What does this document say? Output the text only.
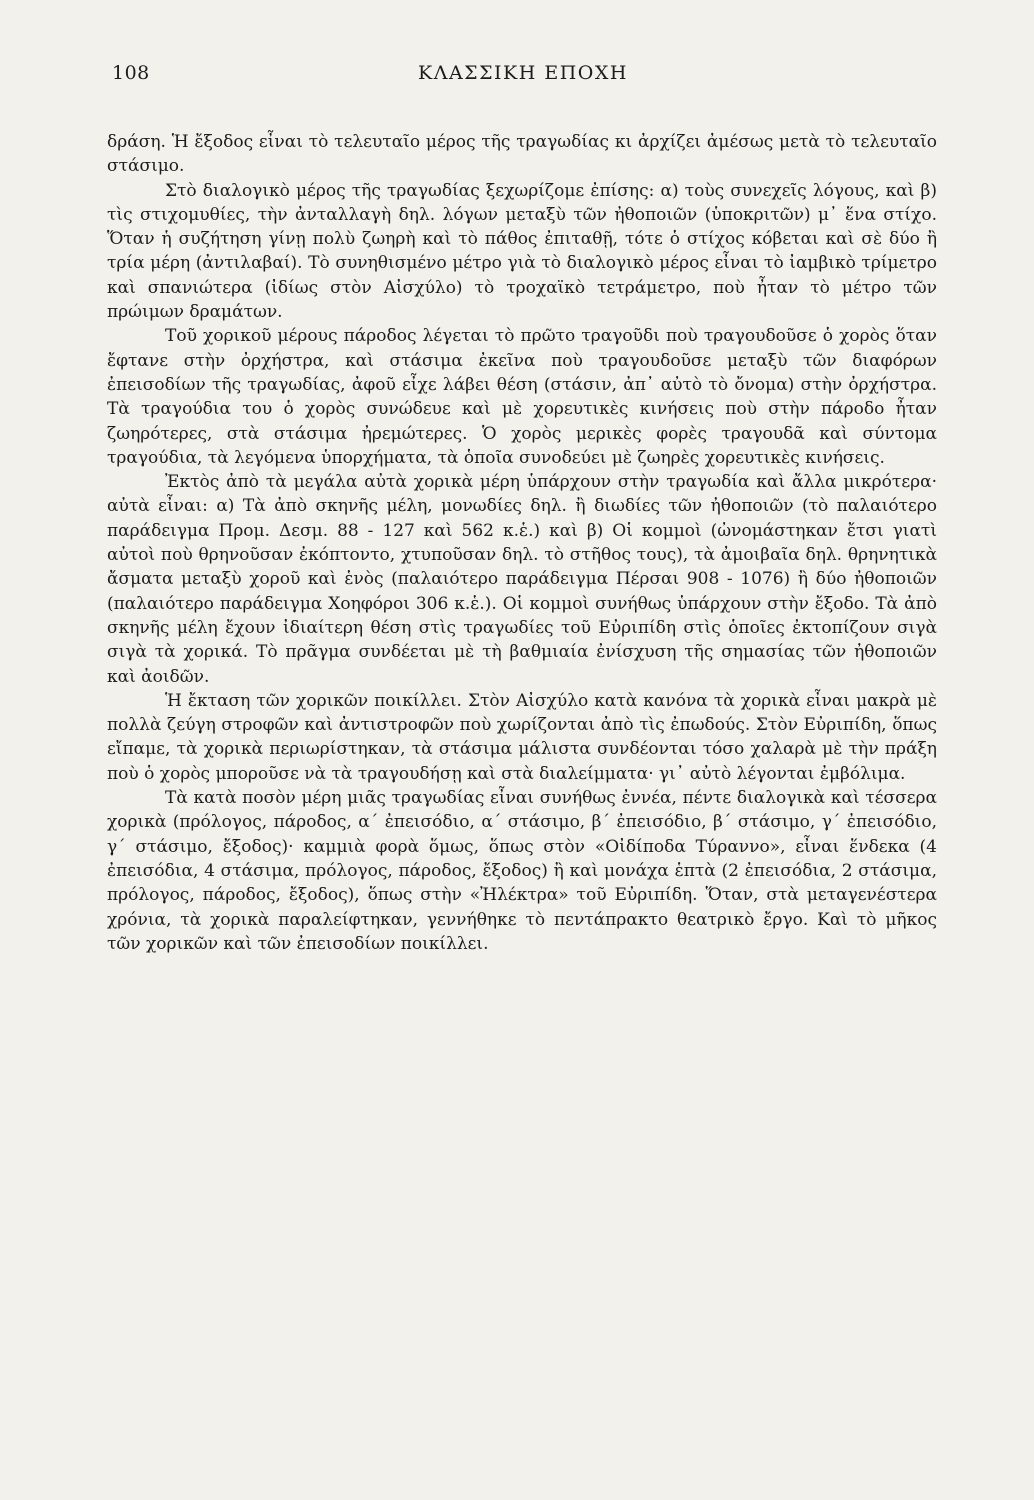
108	ΚΛΑΣΣΙΚΗ ΕΠΟΧΗ

δράση. Ἡ ἔξοδος εἶναι τὸ τελευταῖο μέρος τῆς τραγωδίας κι ἀρχίζει ἀμέσως μετὰ τὸ τελευταῖο στάσιμο.

Στὸ διαλογικὸ μέρος τῆς τραγωδίας ξεχωρίζομε ἐπίσης: α) τοὺς συνεχεῖς λόγους, καὶ β) τὶς στιχομυθίες, τὴν ἀνταλλαγὴ δηλ. λόγων μεταξὺ τῶν ἠθοποιῶν (ὑποκριτῶν) μ᾽ ἕνα στίχο. Ὅταν ἡ συζήτηση γίνῃ πολὺ ζωηρὴ καὶ τὸ πάθος ἐπιταθῇ, τότε ὁ στίχος κόβεται καὶ σὲ δύο ἢ τρία μέρη (ἀντιλαβαί). Τὸ συνηθισμένο μέτρο γιὰ τὸ διαλογικὸ μέρος εἶναι τὸ ἰαμβικὸ τρίμετρο καὶ σπανιώτερα (ἰδίως στὸν Αἰσχύλο) τὸ τροχαϊκὸ τετράμετρο, ποὺ ἦταν τὸ μέτρο τῶν πρώιμων δραμάτων.

Τοῦ χορικοῦ μέρους πάροδος λέγεται τὸ πρῶτο τραγοῦδι ποὺ τραγουδοῦσε ὁ χορὸς ὅταν ἔφτανε στὴν ὀρχήστρα, καὶ στάσιμα ἐκεῖνα ποὺ τραγουδοῦσε μεταξὺ τῶν διαφόρων ἐπεισοδίων τῆς τραγωδίας, ἀφοῦ εἶχε λάβει θέση (στάσιν, ἀπ᾽ αὐτὸ τὸ ὄνομα) στὴν ὀρχήστρα. Τὰ τραγούδια του ὁ χορὸς συνώδευε καὶ μὲ χορευτικὲς κινήσεις ποὺ στὴν πάροδο ἦταν ζωηρότερες, στὰ στάσιμα ἠρεμώτερες. Ὁ χορὸς μερικὲς φορὲς τραγουδᾶ καὶ σύντομα τραγούδια, τὰ λεγόμενα ὑπορχήματα, τὰ ὁποῖα συνοδεύει μὲ ζωηρὲς χορευτικὲς κινήσεις.

Ἐκτὸς ἀπὸ τὰ μεγάλα αὐτὰ χορικὰ μέρη ὑπάρχουν στὴν τραγωδία καὶ ἄλλα μικρότερα· αὐτὰ εἶναι: α) Τὰ ἀπὸ σκηνῆς μέλη, μονωδίες δηλ. ἢ διωδίες τῶν ἠθοποιῶν (τὸ παλαιότερο παράδειγμα Προμ. Δεσμ. 88 - 127 καὶ 562 κ.ἑ.) καὶ β) Οἱ κομμοὶ (ὠνομάστηκαν ἔτσι γιατὶ αὐτοὶ ποὺ θρηνοῦσαν ἐκόπτοντο, χτυποῦσαν δηλ. τὸ στῆθος τους), τὰ ἀμοιβαῖα δηλ. θρηνητικὰ ἄσματα μεταξὺ χοροῦ καὶ ἑνὸς (παλαιότερο παράδειγμα Πέρσαι 908 - 1076) ἢ δύο ἠθοποιῶν (παλαιότερο παράδειγμα Χοηφόροι 306 κ.ἑ.). Οἱ κομμοὶ συνήθως ὑπάρχουν στὴν ἔξοδο. Τὰ ἀπὸ σκηνῆς μέλη ἔχουν ἰδιαίτερη θέση στὶς τραγωδίες τοῦ Εὐριπίδη στὶς ὁποῖες ἐκτοπίζουν σιγὰ σιγὰ τὰ χορικά. Τὸ πρᾶγμα συνδέεται μὲ τὴ βαθμιαία ἐνίσχυση τῆς σημασίας τῶν ἠθοποιῶν καὶ ἀοιδῶν.

Ἡ ἔκταση τῶν χορικῶν ποικίλλει. Στὸν Αἰσχύλο κατὰ κανόνα τὰ χορικὰ εἶναι μακρὰ μὲ πολλὰ ζεύγη στροφῶν καὶ ἀντιστροφῶν ποὺ χωρίζονται ἀπὸ τὶς ἐπωδούς. Στὸν Εὐριπίδη, ὅπως εἴπαμε, τὰ χορικὰ περιωρίστηκαν, τὰ στάσιμα μάλιστα συνδέονται τόσο χαλαρὰ μὲ τὴν πράξη ποὺ ὁ χορὸς μποροῦσε νὰ τὰ τραγουδήσῃ καὶ στὰ διαλείμματα· γι᾽ αὐτὸ λέγονται ἐμβόλιμα.

Τὰ κατὰ ποσὸν μέρη μιᾶς τραγωδίας εἶναι συνήθως ἐννέα, πέντε διαλογικὰ καὶ τέσσερα χορικὰ (πρόλογος, πάροδος, α´ ἐπεισόδιο, α´ στάσιμο, β´ ἐπεισόδιο, β´ στάσιμο, γ´ ἐπεισόδιο, γ´ στάσιμο, ἔξοδος)· καμμιὰ φορὰ ὅμως, ὅπως στὸν «Οἰδίποδα Τύραννο», εἶναι ἕνδεκα (4 ἐπεισόδια, 4 στάσιμα, πρόλογος, πάροδος, ἔξοδος) ἢ καὶ μονάχα ἑπτὰ (2 ἐπεισόδια, 2 στάσιμα, πρόλογος, πάροδος, ἔξοδος), ὅπως στὴν «Ἠλέκτρα» τοῦ Εὐριπίδη. Ὅταν, στὰ μεταγενέστερα χρόνια, τὰ χορικὰ παραλείφτηκαν, γεννήθηκε τὸ πεντάπρακτο θεατρικὸ ἔργο. Καὶ τὸ μῆκος τῶν χορικῶν καὶ τῶν ἐπεισοδίων ποικίλλει.
